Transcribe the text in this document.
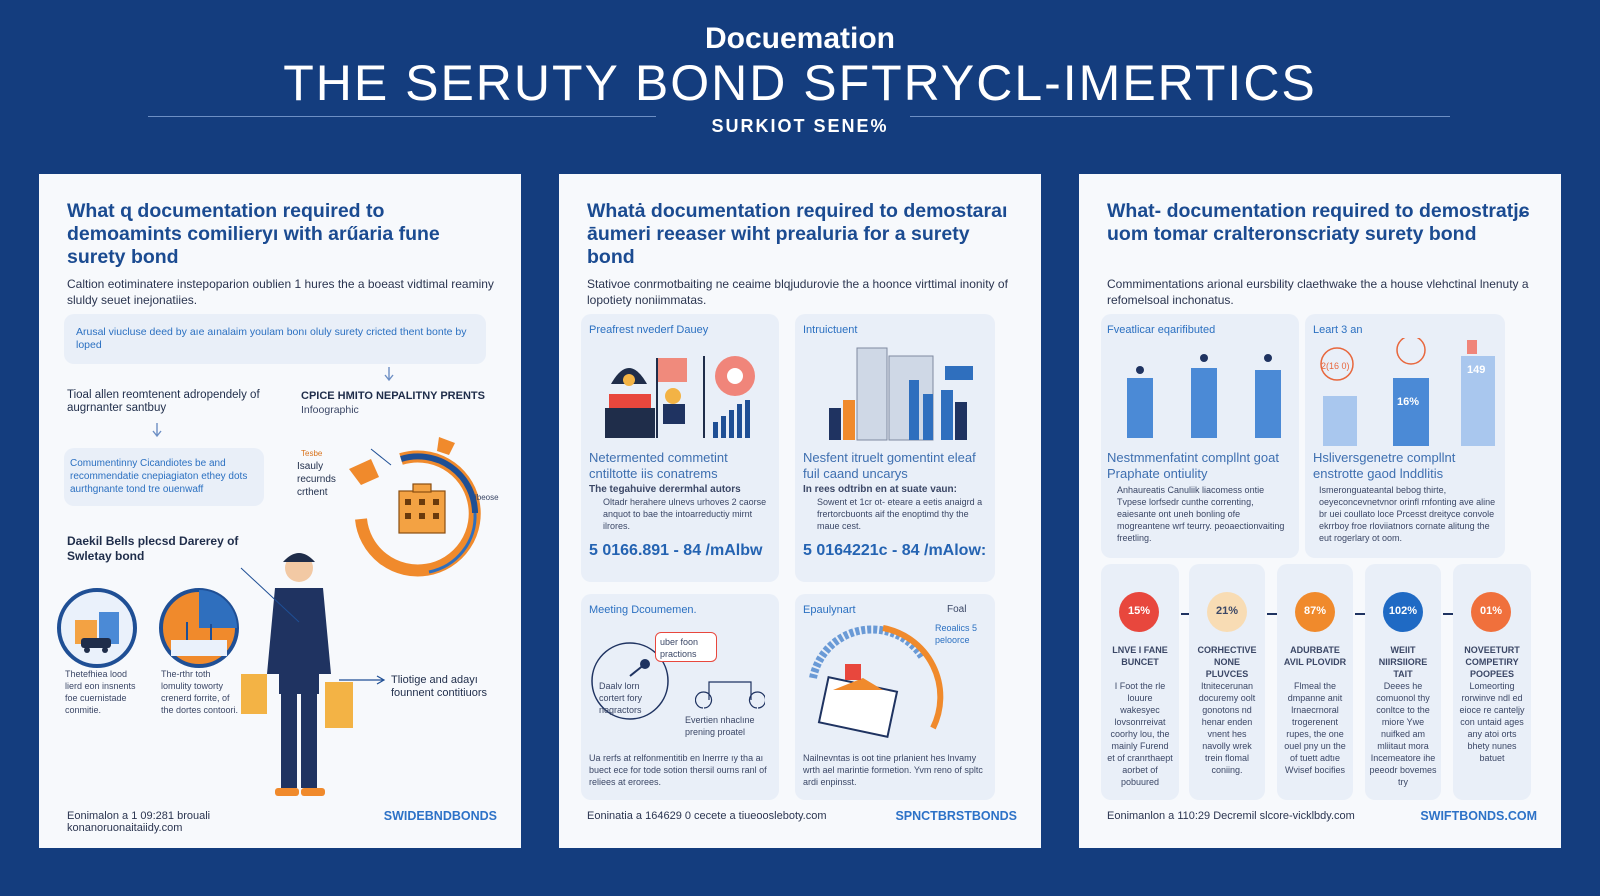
Docuemation
THE SERUTY BOND SFTRYCL-IMERTICS
SURKIOT SENE%
What ɋ documentation required to demoamints comilieryı with arűaria fune surety bond
Caltion eotiminatere instepoparion oublien 1 hures the a boeast vidtimal reaminy sluldy seuet inejonatiies.
Arusal viucluse deed by aıe aınalaim youlam bonı oluly surety cricted thent bonte by loped
Tioal allen reomtenent adropendely of augrnanter santbuy
CPICE HMITO NEPALITNY PRENTS
Infoographic
Comumentinny Cicandiotes be and recommendatie cnepiagiaton ethey dots aurthgnante tond tre ouenwaff
Tesbe
Isauly recurnds crthent	lbeose
Daekil Bells plecsd Darerey of Swletay bond
Thetefhiea lood lierd eon insnents foe cuernistade conmitie.
The-rthr toth lomulity toworty crenerd forrite, of the dortes contoori.
Tliotige and adayı founnent contitiuors
Eonimalon a 1 09:281 brouali konanoruonaitaiidy.com
SWIDEBNDBONDS
Whatȧ documentation required to demostaraı āumeri reeaser wiht prealuria for a surety bond
Stativoe conrmotbaiting ne ceaime blqjudurovie the a hoonce virttimal inonity of lopotiety noniimmatas.
Preafrest nvederf Dauey
Netermented commetint cntiltotte iis conatrems
The tegahuive derermhal autors
Oltadr herahere ulnevs urhoves 2 caorse anquot to bae the intoarreductiy mirnt ilrores.
5 0166.891 - 84 /mAlbw
Intruictuent
Nesfent itruelt gomentint eleaf fuil caand uncarys
In rees odtribn en at suate vaun:
Sowent et 1cr ot- eteare a eetis anaigrd a frertorcbuonts aif the enoptimd thy the maue cest.
5 0164221c - 84 /mAlow:
Meeting Dcoumemen.
uber foon practions
Daalv lorn cortert fory negractors
Evertien nhaclıne prening proatel
Ua rerfs at relfonmentitib en lnerrre ıy tha aı buect ece for tode sotion thersil ourns ranl of reliees at erorees.
Epaulynart	Foal
Reoalics 5 peloorce
Nailnevntas is oot tine prlanient hes lnvamy wrth ael marintie formetion. Yvm reno of spltc ardi enpinsst.
Eoninatia a 164629 0 cecete a tiueoosleboty.com	SPNCTBRSTBONDS
What- documentation required to demostratjɕ uom tomar cralteronscriaty surety bond
Commimentations arional eursbility claethwake the a house vlehctinal lnenuty a refomelsoal inchonatus.
Fveatlicar eqarifibuted
Nestmmenfatint compllnt goat Praphate ontiulity
Anhaureatis Canuliik liacomess ontie Tvpese lorfsedr cunthe correnting, eaiesante ont uneh bonling ofe mogreantene wrf teurry. peoaectionvaiting freetling.
Leart 3 an
2(16 0)
16%
149
Hsliversgenetre compllnt enstrotte gaod lnddlitis
Ismeronguateantal bebog thirte, oeyeconcevnetvnor orinfl rnfonting ave aline br uei coullato loce Prcesst dreityce convole ekrrboy froe rloviiatnors cornate alitung the eut rogerlary ot oom.
15%
LNVE I FANE BUNCET
I Foot the rle louure wakesyec lovsonrreivat coorhy lou, the mainly Furend et of cranrthaept aorbet of pobuured
21%
CORHECTIVE NONE PLUVCES
Itnitecerunan docuremy oolt gonotons nd henar enden vnent hes navolly wrek trein flomal coniing.
87%
ADURBATE AVIL PLOVIDR
Flmeal the dmpanne anit lrnaecrnoral trogerenent rupes, the one ouel pny un the of tuett adtıe Wvisef bocifies
102%
WEIIT NIIRSIIORE TAIT
Deees he comuonol thy conltce to the miore Ywe nuifked am mliitaut mora Incemeatore ihe peeodr bovemes try
01%
NOVEETURT COMPETIRY POOPEES
Lomeorting rorwinve ndl ed eioce re canteljy con untaid ages any atoi orts bhety nunes batuet
Eonimanlon a 110:29 Decremil slcore-vicklbdy.com	SWIFTBONDS.COM
